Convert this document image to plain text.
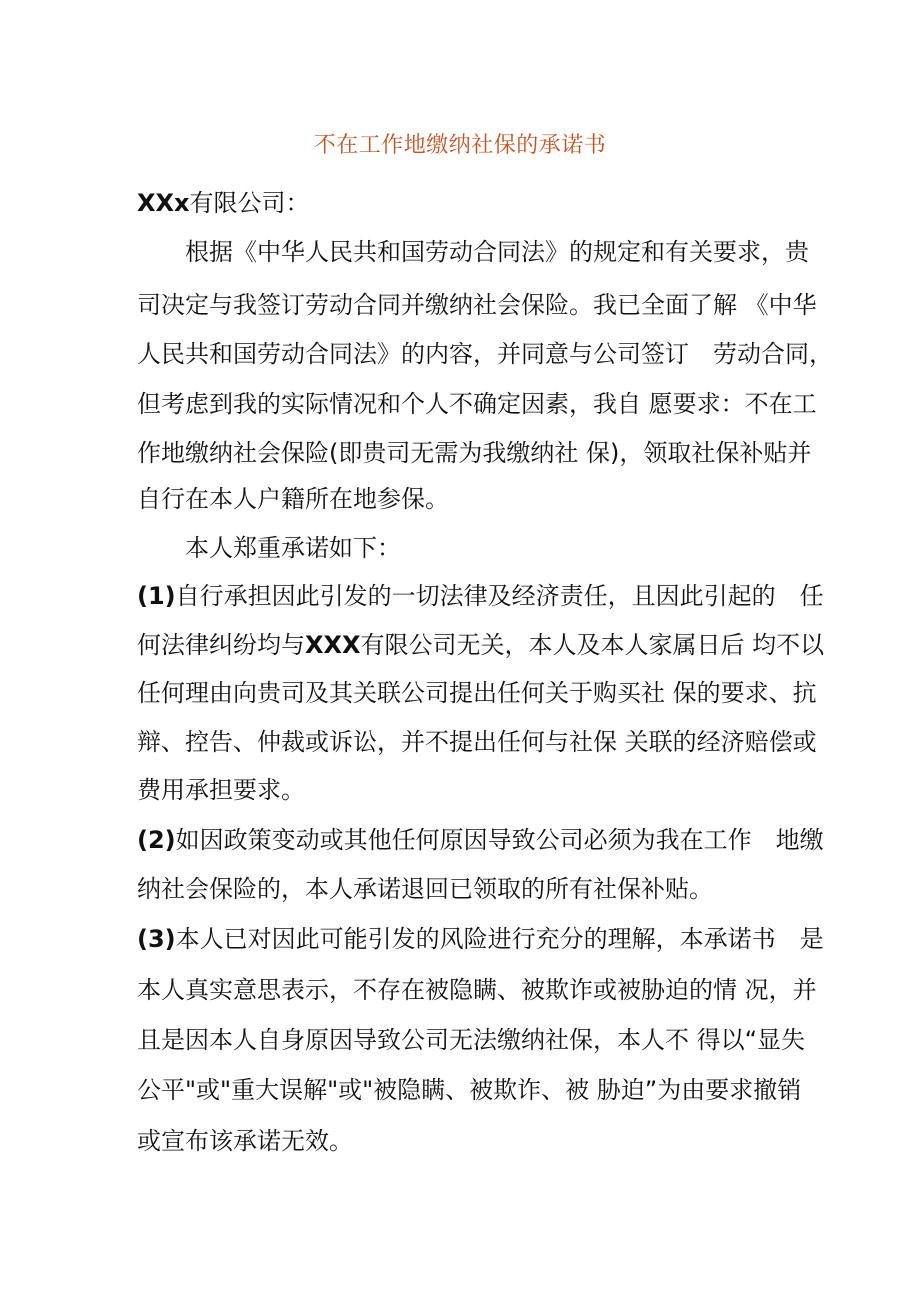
不在工作地缴纳社保的承诺书
XXx有限公司：
根据《中华人民共和国劳动合同法》的规定和有关要求，贵
司决定与我签订劳动合同并缴纳社会保险。我已全面了解 《中华
人民共和国劳动合同法》的内容，并同意与公司签订　劳动合同，
但考虑到我的实际情况和个人不确定因素，我自 愿要求：不在工
作地缴纳社会保险(即贵司无需为我缴纳社 保)，领取社保补贴并
自行在本人户籍所在地参保。
本人郑重承诺如下：
(1)自行承担因此引发的一切法律及经济责任，且因此引起的　任
何法律纠纷均与XXX有限公司无关，本人及本人家属日后 均不以
任何理由向贵司及其关联公司提出任何关于购买社 保的要求、抗
辩、控告、仲裁或诉讼，并不提出任何与社保 关联的经济赔偿或
费用承担要求。
(2)如因政策变动或其他任何原因导致公司必须为我在工作　地缴
纳社会保险的，本人承诺退回已领取的所有社保补贴。
(3)本人已对因此可能引发的风险进行充分的理解，本承诺书　是
本人真实意思表示，不存在被隐瞒、被欺诈或被胁迫的情 况，并
且是因本人自身原因导致公司无法缴纳社保，本人不 得以“显失
公平"或"重大误解"或"被隐瞒、被欺诈、被 胁迫”为由要求撤销
或宣布该承诺无效。
